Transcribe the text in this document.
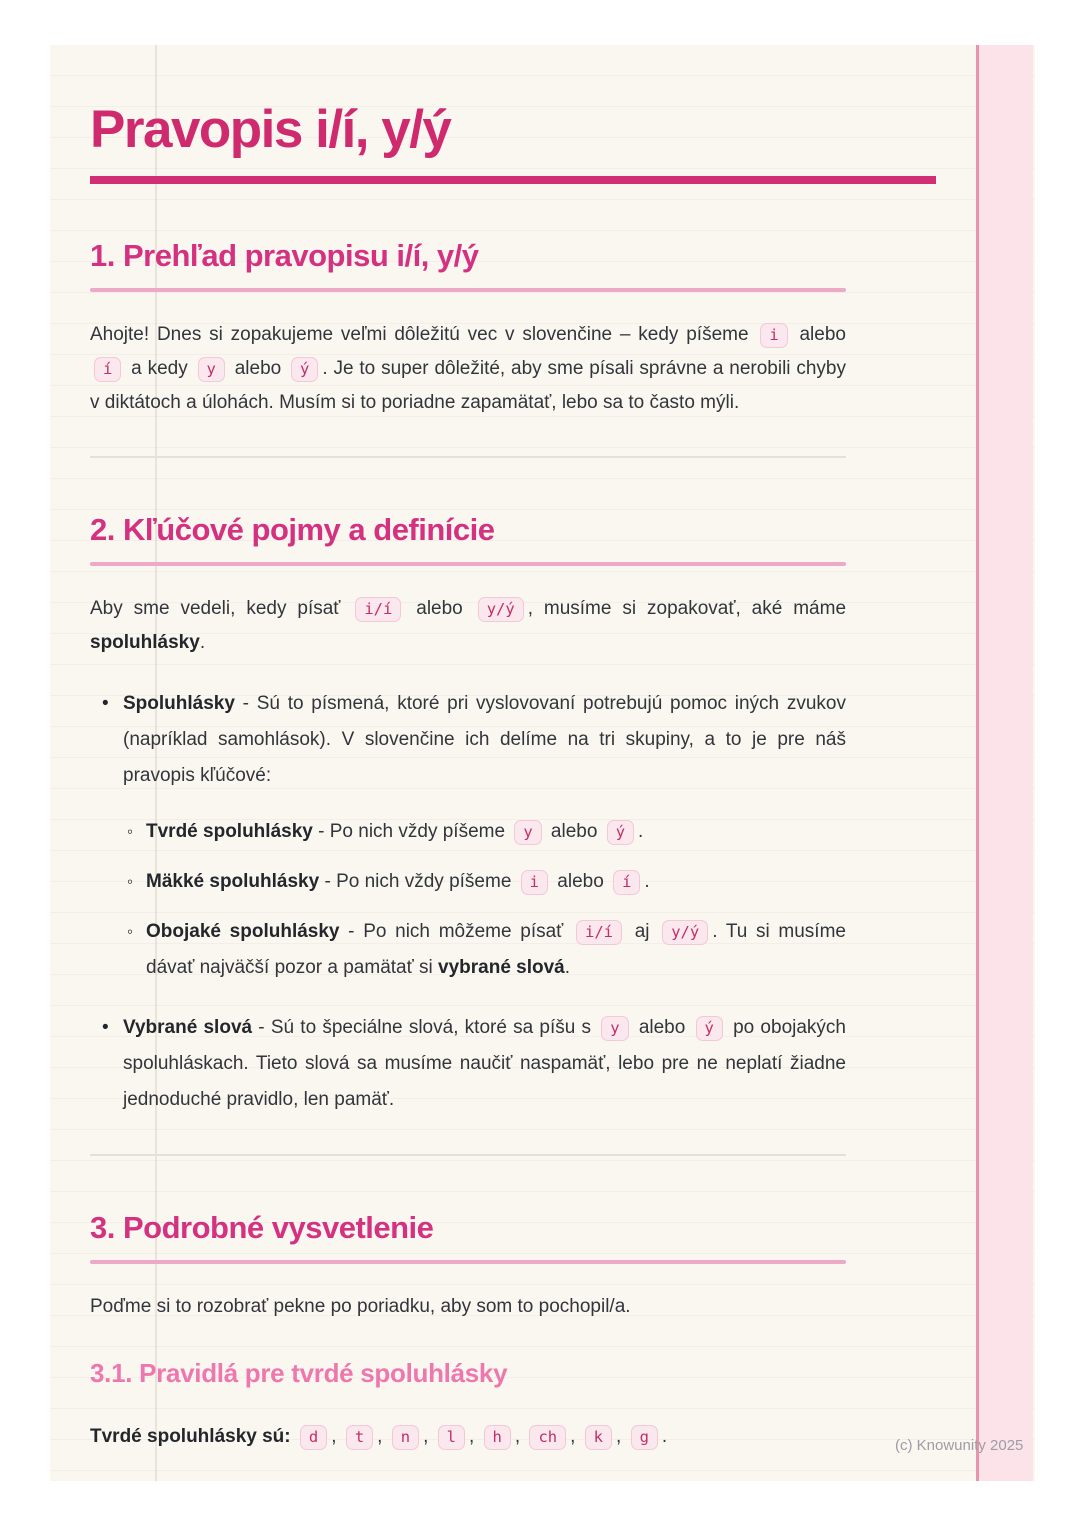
Pravopis i/í, y/ý
1. Prehľad pravopisu i/í, y/ý

Ahojte! Dnes si zopakujeme veľmi dôležitú vec v slovenčine – kedy píšeme i alebo í a kedy y alebo ý . Je to super dôležité, aby sme písali správne a nerobili chyby v diktátoch a úlohách. Musím si to poriadne zapamätať, lebo sa to často mýli.

2. Kľúčové pojmy a definície

Aby sme vedeli, kedy písať i/í alebo y/ý , musíme si zopakovať, aké máme spoluhlásky.

• Spoluhlásky - Sú to písmená, ktoré pri vyslovovaní potrebujú pomoc iných zvukov (napríklad samohlások). V slovenčine ich delíme na tri skupiny, a to je pre náš pravopis kľúčové:
◦ Tvrdé spoluhlásky - Po nich vždy píšeme y alebo ý .
◦ Mäkké spoluhlásky - Po nich vždy píšeme i alebo í .
◦ Obojaké spoluhlásky - Po nich môžeme písať i/í aj y/ý . Tu si musíme dávať najväčší pozor a pamätať si vybrané slová.
• Vybrané slová - Sú to špeciálne slová, ktoré sa píšu s y alebo ý po obojakých spoluhláskach. Tieto slová sa musíme naučiť naspamäť, lebo pre ne neplatí žiadne jednoduché pravidlo, len pamäť.
3. Podrobné vysvetlenie

Poďme si to rozobrať pekne po poriadku, aby som to pochopil/a.

3.1. Pravidlá pre tvrdé spoluhlásky

Tvrdé spoluhlásky sú: d , t , n , l , h , ch , k , g .	(c) Knowunity 2025
